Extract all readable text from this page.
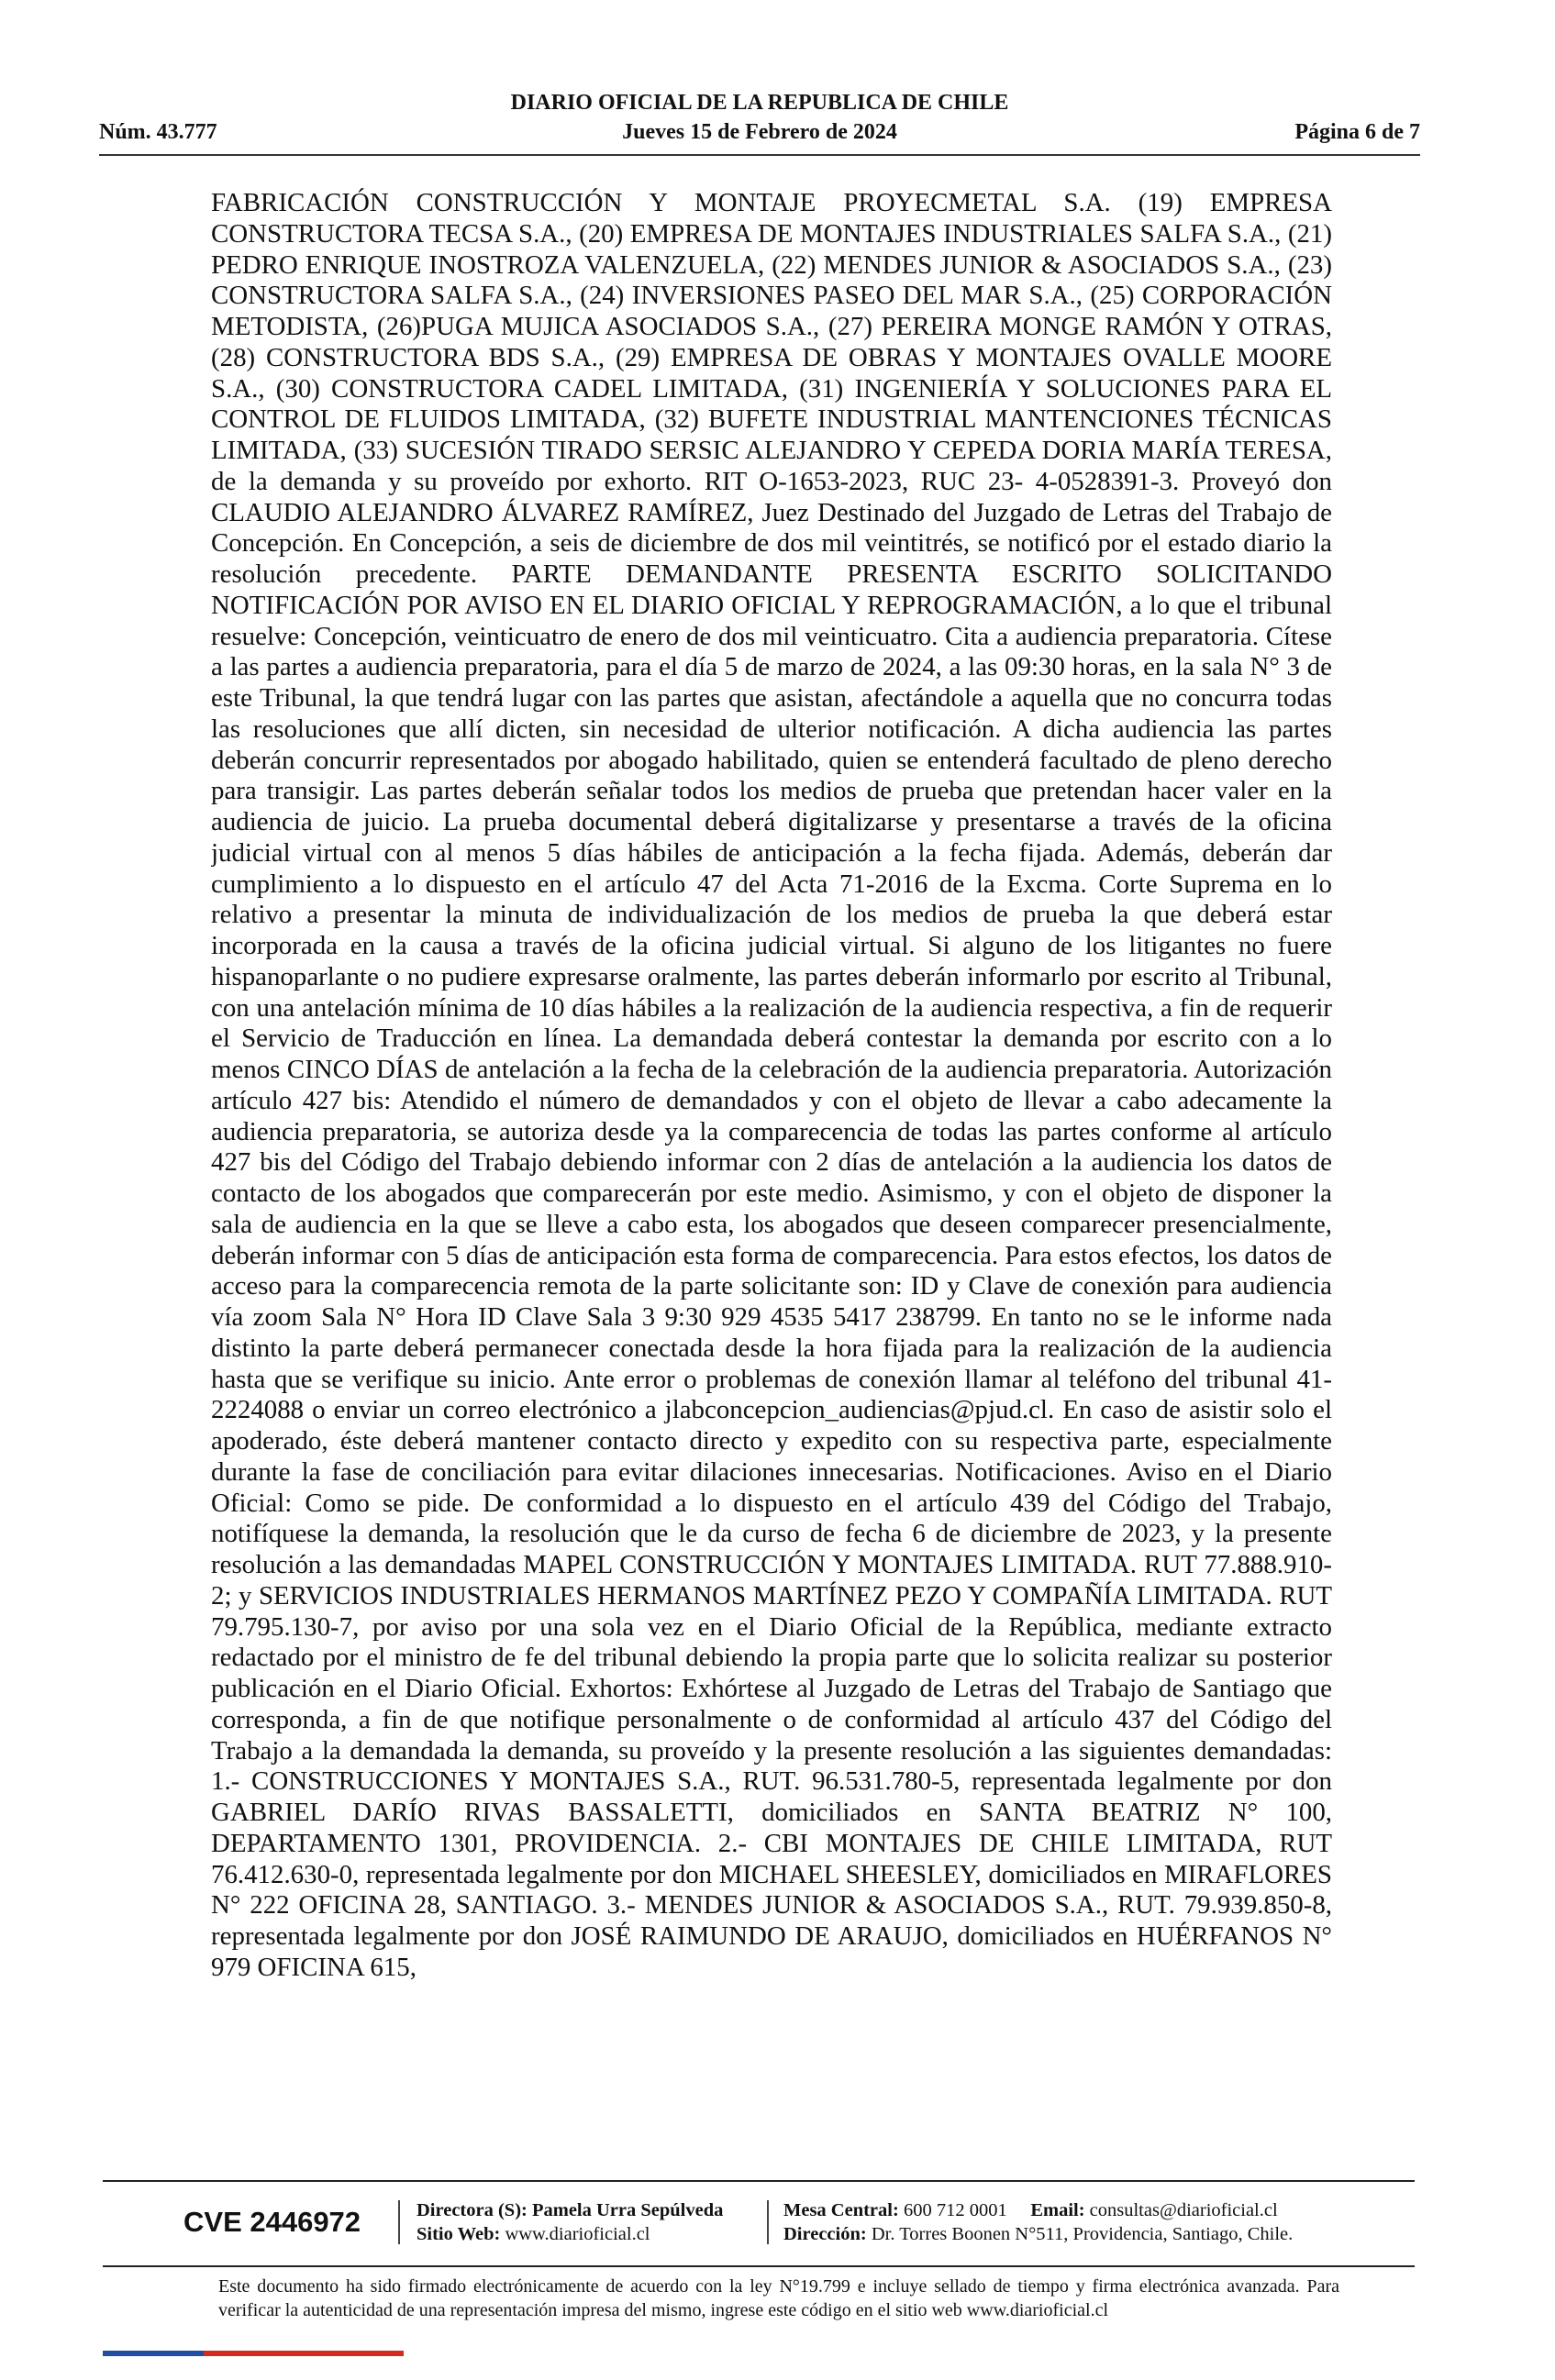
DIARIO OFICIAL DE LA REPUBLICA DE CHILE
Núm. 43.777	Jueves 15 de Febrero de 2024	Página 6 de 7
FABRICACIÓN CONSTRUCCIÓN Y MONTAJE PROYECMETAL S.A. (19) EMPRESA CONSTRUCTORA TECSA S.A., (20) EMPRESA DE MONTAJES INDUSTRIALES SALFA S.A., (21) PEDRO ENRIQUE INOSTROZA VALENZUELA, (22) MENDES JUNIOR & ASOCIADOS S.A., (23) CONSTRUCTORA SALFA S.A., (24) INVERSIONES PASEO DEL MAR S.A., (25) CORPORACIÓN METODISTA, (26)PUGA MUJICA ASOCIADOS S.A., (27) PEREIRA MONGE RAMÓN Y OTRAS, (28) CONSTRUCTORA BDS S.A., (29) EMPRESA DE OBRAS Y MONTAJES OVALLE MOORE S.A., (30) CONSTRUCTORA CADEL LIMITADA, (31) INGENIERÍA Y SOLUCIONES PARA EL CONTROL DE FLUIDOS LIMITADA, (32) BUFETE INDUSTRIAL MANTENCIONES TÉCNICAS LIMITADA, (33) SUCESIÓN TIRADO SERSIC ALEJANDRO Y CEPEDA DORIA MARÍA TERESA, de la demanda y su proveído por exhorto. RIT O-1653-2023, RUC 23- 4-0528391-3. Proveyó don CLAUDIO ALEJANDRO ÁLVAREZ RAMÍREZ, Juez Destinado del Juzgado de Letras del Trabajo de Concepción. En Concepción, a seis de diciembre de dos mil veintitrés, se notificó por el estado diario la resolución precedente. PARTE DEMANDANTE PRESENTA ESCRITO SOLICITANDO NOTIFICACIÓN POR AVISO EN EL DIARIO OFICIAL Y REPROGRAMACIÓN, a lo que el tribunal resuelve: Concepción, veinticuatro de enero de dos mil veinticuatro. Cita a audiencia preparatoria. Cítese a las partes a audiencia preparatoria, para el día 5 de marzo de 2024, a las 09:30 horas, en la sala N° 3 de este Tribunal, la que tendrá lugar con las partes que asistan, afectándole a aquella que no concurra todas las resoluciones que allí dicten, sin necesidad de ulterior notificación. A dicha audiencia las partes deberán concurrir representados por abogado habilitado, quien se entenderá facultado de pleno derecho para transigir. Las partes deberán señalar todos los medios de prueba que pretendan hacer valer en la audiencia de juicio. La prueba documental deberá digitalizarse y presentarse a través de la oficina judicial virtual con al menos 5 días hábiles de anticipación a la fecha fijada. Además, deberán dar cumplimiento a lo dispuesto en el artículo 47 del Acta 71-2016 de la Excma. Corte Suprema en lo relativo a presentar la minuta de individualización de los medios de prueba la que deberá estar incorporada en la causa a través de la oficina judicial virtual. Si alguno de los litigantes no fuere hispanoparlante o no pudiere expresarse oralmente, las partes deberán informarlo por escrito al Tribunal, con una antelación mínima de 10 días hábiles a la realización de la audiencia respectiva, a fin de requerir el Servicio de Traducción en línea. La demandada deberá contestar la demanda por escrito con a lo menos CINCO DÍAS de antelación a la fecha de la celebración de la audiencia preparatoria. Autorización artículo 427 bis: Atendido el número de demandados y con el objeto de llevar a cabo adecamente la audiencia preparatoria, se autoriza desde ya la comparecencia de todas las partes conforme al artículo 427 bis del Código del Trabajo debiendo informar con 2 días de antelación a la audiencia los datos de contacto de los abogados que comparecerán por este medio. Asimismo, y con el objeto de disponer la sala de audiencia en la que se lleve a cabo esta, los abogados que deseen comparecer presencialmente, deberán informar con 5 días de anticipación esta forma de comparecencia. Para estos efectos, los datos de acceso para la comparecencia remota de la parte solicitante son: ID y Clave de conexión para audiencia vía zoom Sala N° Hora ID Clave Sala 3 9:30 929 4535 5417 238799. En tanto no se le informe nada distinto la parte deberá permanecer conectada desde la hora fijada para la realización de la audiencia hasta que se verifique su inicio. Ante error o problemas de conexión llamar al teléfono del tribunal 41- 2224088 o enviar un correo electrónico a jlabconcepcion_audiencias@pjud.cl. En caso de asistir solo el apoderado, éste deberá mantener contacto directo y expedito con su respectiva parte, especialmente durante la fase de conciliación para evitar dilaciones innecesarias. Notificaciones. Aviso en el Diario Oficial: Como se pide. De conformidad a lo dispuesto en el artículo 439 del Código del Trabajo, notifíquese la demanda, la resolución que le da curso de fecha 6 de diciembre de 2023, y la presente resolución a las demandadas MAPEL CONSTRUCCIÓN Y MONTAJES LIMITADA. RUT 77.888.910-2; y SERVICIOS INDUSTRIALES HERMANOS MARTÍNEZ PEZO Y COMPAÑÍA LIMITADA. RUT 79.795.130-7, por aviso por una sola vez en el Diario Oficial de la República, mediante extracto redactado por el ministro de fe del tribunal debiendo la propia parte que lo solicita realizar su posterior publicación en el Diario Oficial. Exhortos: Exhórtese al Juzgado de Letras del Trabajo de Santiago que corresponda, a fin de que notifique personalmente o de conformidad al artículo 437 del Código del Trabajo a la demandada la demanda, su proveído y la presente resolución a las siguientes demandadas: 1.- CONSTRUCCIONES Y MONTAJES S.A., RUT. 96.531.780-5, representada legalmente por don GABRIEL DARÍO RIVAS BASSALETTI, domiciliados en SANTA BEATRIZ N° 100, DEPARTAMENTO 1301, PROVIDENCIA. 2.- CBI MONTAJES DE CHILE LIMITADA, RUT 76.412.630-0, representada legalmente por don MICHAEL SHEESLEY, domiciliados en MIRAFLORES N° 222 OFICINA 28, SANTIAGO. 3.- MENDES JUNIOR & ASOCIADOS S.A., RUT. 79.939.850-8, representada legalmente por don JOSÉ RAIMUNDO DE ARAUJO, domiciliados en HUÉRFANOS N° 979 OFICINA 615,
CVE 2446972	Directora (S): Pamela Urra Sepúlveda
Sitio Web: www.diarioficial.cl
Mesa Central: 600 712 0001 Email: consultas@diarioficial.cl
Dirección: Dr. Torres Boonen N°511, Providencia, Santiago, Chile.
Este documento ha sido firmado electrónicamente de acuerdo con la ley N°19.799 e incluye sellado de tiempo y firma electrónica avanzada. Para verificar la autenticidad de una representación impresa del mismo, ingrese este código en el sitio web www.diarioficial.cl
